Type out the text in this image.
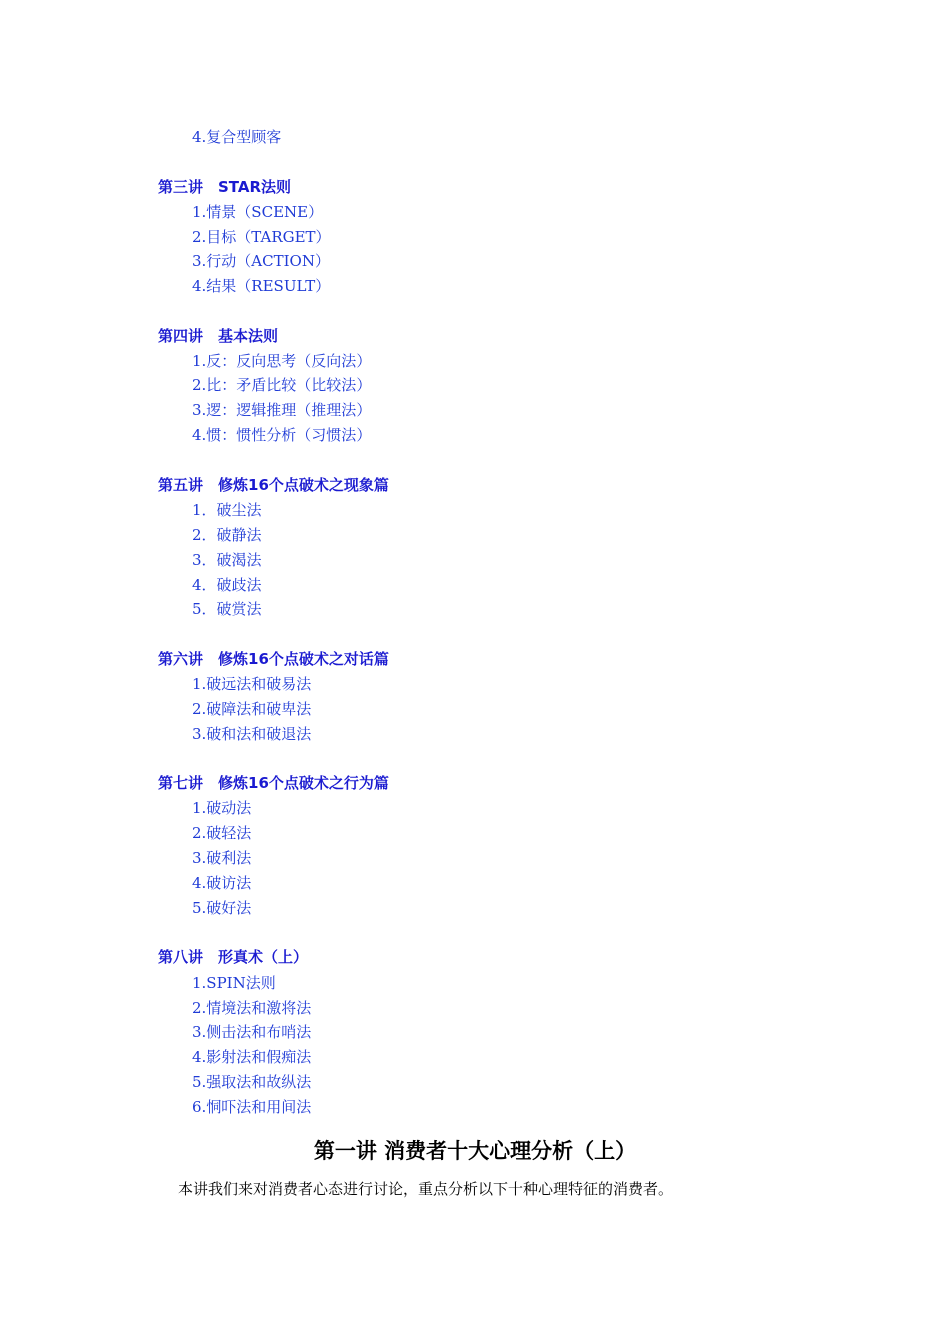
4.复合型顾客
第三讲　STAR法则
1.情景（SCENE）
2.目标（TARGET）
3.行动（ACTION）
4.结果（RESULT）
第四讲　基本法则
1.反：反向思考（反向法）
2.比：矛盾比较（比较法）
3.逻：逻辑推理（推理法）
4.惯：惯性分析（习惯法）
第五讲　修炼16个点破术之现象篇
1．破尘法
2．破静法
3．破渴法
4．破歧法
5．破赏法
第六讲　修炼16个点破术之对话篇
1.破远法和破易法
2.破障法和破卑法
3.破和法和破退法
第七讲　修炼16个点破术之行为篇
1.破动法
2.破轻法
3.破利法
4.破访法
5.破好法
第八讲　形真术（上）
1.SPIN法则
2.情境法和激将法
3.侧击法和布哨法
4.影射法和假痴法
5.强取法和故纵法
6.恫吓法和用间法
第一讲 消费者十大心理分析（上）
本讲我们来对消费者心态进行讨论，重点分析以下十种心理特征的消费者。
